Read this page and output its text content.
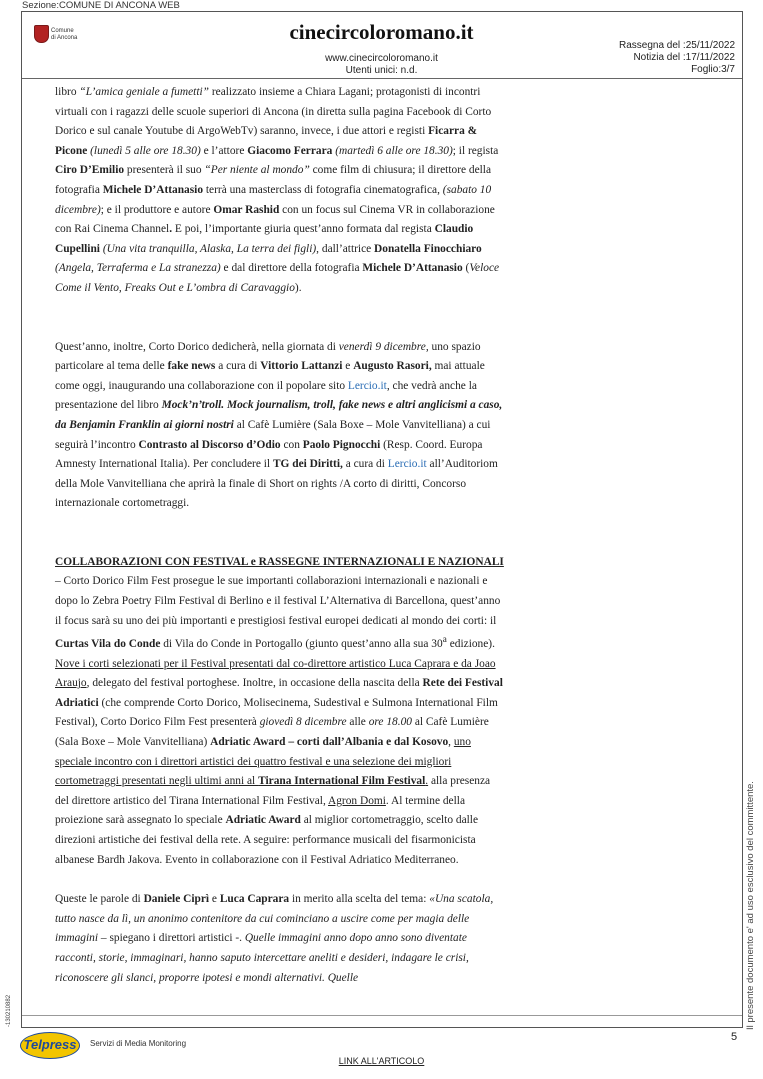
Sezione:COMUNE DI ANCONA WEB
Comune
di Ancona	cinecircoloromano.it
www.cinecircoloromano.it
Utenti unici: n.d.
Rassegna del :25/11/2022
Notizia del :17/11/2022
Foglio:3/7

libro “L’amica geniale a fumetti” realizzato insieme a Chiara Lagani; protagonisti di incontri virtuali con i ragazzi delle scuole superiori di Ancona (in diretta sulla pagina Facebook di Corto Dorico e sul canale Youtube di ArgoWebTv) saranno, invece, i due attori e registi Ficarra & Picone (lunedì 5 alle ore 18.30) e l’attore Giacomo Ferrara (martedì 6 alle ore 18.30); il regista Ciro D’Emilio presenterà il suo “Per niente al mondo” come film di chiusura; il direttore della fotografia Michele D’Attanasio terrà una masterclass di fotografia cinematografica, (sabato 10 dicembre); e il produttore e autore Omar Rashid con un focus sul Cinema VR in collaborazione con Rai Cinema Channel. E poi, l’importante giuria quest’anno formata dal regista Claudio Cupellini (Una vita tranquilla, Alaska, La terra dei figli), dall’attrice Donatella Finocchiaro (Angela, Terraferma e La stranezza) e dal direttore della fotografia Michele D’Attanasio (Veloce Come il Vento, Freaks Out e L’ombra di Caravaggio).

Quest’anno, inoltre, Corto Dorico dedicherà, nella giornata di venerdì 9 dicembre, uno spazio particolare al tema delle fake news a cura di Vittorio Lattanzi e Augusto Rasori, mai attuale come oggi, inaugurando una collaborazione con il popolare sito Lercio.it, che vedrà anche la presentazione del libro Mock’n’troll. Mock journalism, troll, fake news e altri anglicismi a caso, da Benjamin Franklin ai giorni nostri al Cafè Lumière (Sala Boxe – Mole Vanvitelliana) a cui seguirà l’incontro Contrasto al Discorso d’Odio con Paolo Pignocchi (Resp. Coord. Europa Amnesty International Italia). Per concludere il TG dei Diritti, a cura di Lercio.it all’Auditoriom della Mole Vanvitelliana che aprirà la finale di Short on rights /A corto di diritti, Concorso internazionale cortometraggi.

COLLABORAZIONI CON FESTIVAL e RASSEGNE INTERNAZIONALI E NAZIONALI – Corto Dorico Film Fest prosegue le sue importanti collaborazioni internazionali e nazionali e dopo lo Zebra Poetry Film Festival di Berlino e il festival L’Alternativa di Barcellona, quest’anno il focus sarà su uno dei più importanti e prestigiosi festival europei dedicati al mondo dei corti: il Curtas Vila do Conde di Vila do Conde in Portogallo (giunto quest’anno alla sua 30$^a$ edizione). Nove i corti selezionati per il Festival presentati dal co-direttore artistico Luca Caprara e da Joao Araujo, delegato del festival portoghese. Inoltre, in occasione della nascita della Rete dei Festival Adriatici (che comprende Corto Dorico, Molisecinema, Sudestival e Sulmona International Film Festival), Corto Dorico Film Fest presenterà giovedì 8 dicembre alle ore 18.00 al Cafè Lumière (Sala Boxe – Mole Vanvitelliana) Adriatic Award – corti dall’Albania e dal Kosovo, uno speciale incontro con i direttori artistici dei quattro festival e una selezione dei migliori cortometraggi presentati negli ultimi anni al Tirana International Film Festival. alla presenza del direttore artistico del Tirana International Film Festival, Agron Domi. Al termine della proiezione sarà assegnato lo speciale Adriatic Award al miglior cortometraggio, scelto dalle direzioni artistiche dei festival della rete. A seguire: performance musicali del fisarmonicista albanese Bardh Jakova. Evento in collaborazione con il Festival Adriatico Mediterraneo.

Queste le parole di Daniele Ciprì e Luca Caprara in merito alla scelta del tema: «Una scatola, tutto nasce da lì, un anonimo contenitore da cui cominciano a uscire come per magia delle immagini – spiegano i direttori artistici -. Quelle immagini anno dopo anno sono diventate racconti, storie, immaginari, hanno saputo intercettare aneliti e desideri, indagare le crisi, riconoscere gli slanci, proporre ipotesi e mondi alternativi. Quelle	Il presente documento e' ad uso esclusivo del committente.
-130210882
Telpress	Servizi di Media Monitoring
5
LINK ALL'ARTICOLO
